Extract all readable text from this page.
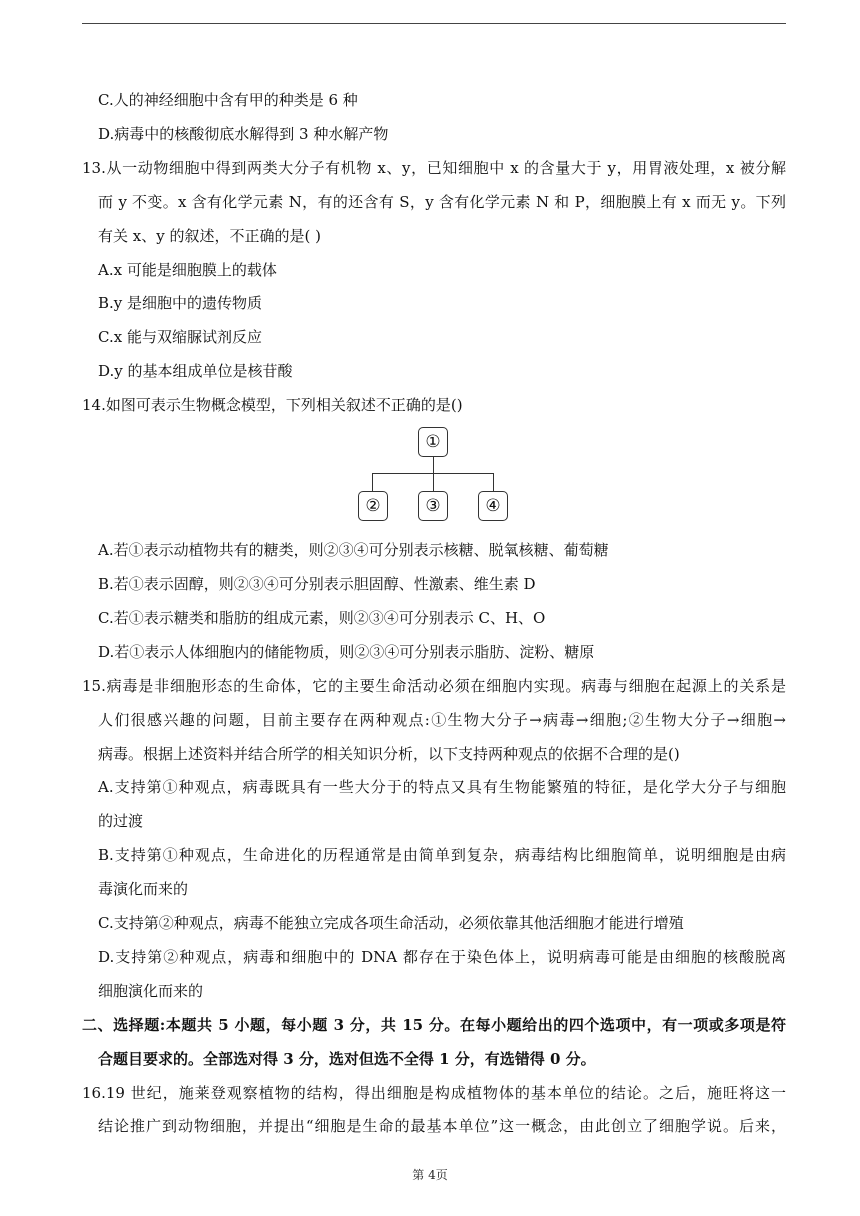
C.人的神经细胞中含有甲的种类是 6 种
D.病毒中的核酸彻底水解得到 3 种水解产物
13.从一动物细胞中得到两类大分子有机物 x、y，已知细胞中 x 的含量大于 y，用胃液处理，x 被分解
而 y 不变。x 含有化学元素 N，有的还含有 S，y 含有化学元素 N 和 P，细胞膜上有 x 而无 y。下列
有关 x、y 的叙述，不正确的是( )
A.x 可能是细胞膜上的载体
B.y 是细胞中的遗传物质
C.x 能与双缩脲试剂反应
D.y 的基本组成单位是核苷酸
14.如图可表示生物概念模型，下列相关叙述不正确的是()
①
②	③	④
A.若①表示动植物共有的糖类，则②③④可分别表示核糖、脱氧核糖、葡萄糖
B.若①表示固醇，则②③④可分别表示胆固醇、性激素、维生素 D
C.若①表示糖类和脂肪的组成元素，则②③④可分别表示 C、H、O
D.若①表示人体细胞内的储能物质，则②③④可分别表示脂肪、淀粉、糖原
15.病毒是非细胞形态的生命体，它的主要生命活动必须在细胞内实现。病毒与细胞在起源上的关系是
人们很感兴趣的问题，目前主要存在两种观点:①生物大分子→病毒→细胞;②生物大分子→细胞→
病毒。根据上述资料并结合所学的相关知识分析，以下支持两种观点的依据不合理的是()
A.支持第①种观点，病毒既具有一些大分于的特点又具有生物能繁殖的特征，是化学大分子与细胞
的过渡
B.支持第①种观点，生命进化的历程通常是由简单到复杂，病毒结构比细胞简单，说明细胞是由病
毒演化而来的
C.支持第②种观点，病毒不能独立完成各项生命活动，必须依靠其他活细胞才能进行增殖
D.支持第②种观点，病毒和细胞中的 DNA 都存在于染色体上，说明病毒可能是由细胞的核酸脱离
细胞演化而来的
二、选择题:本题共 5 小题，每小题 3 分，共 15 分。在每小题给出的四个选项中，有一项或多项是符
合题目要求的。全部选对得 3 分，选对但选不全得 1 分，有选错得 0 分。
16.19 世纪，施莱登观察植物的结构，得出细胞是构成植物体的基本单位的结论。之后，施旺将这一
结论推广到动物细胞，并提出“细胞是生命的最基本单位”这一概念，由此创立了细胞学说。后来，
第 4页
